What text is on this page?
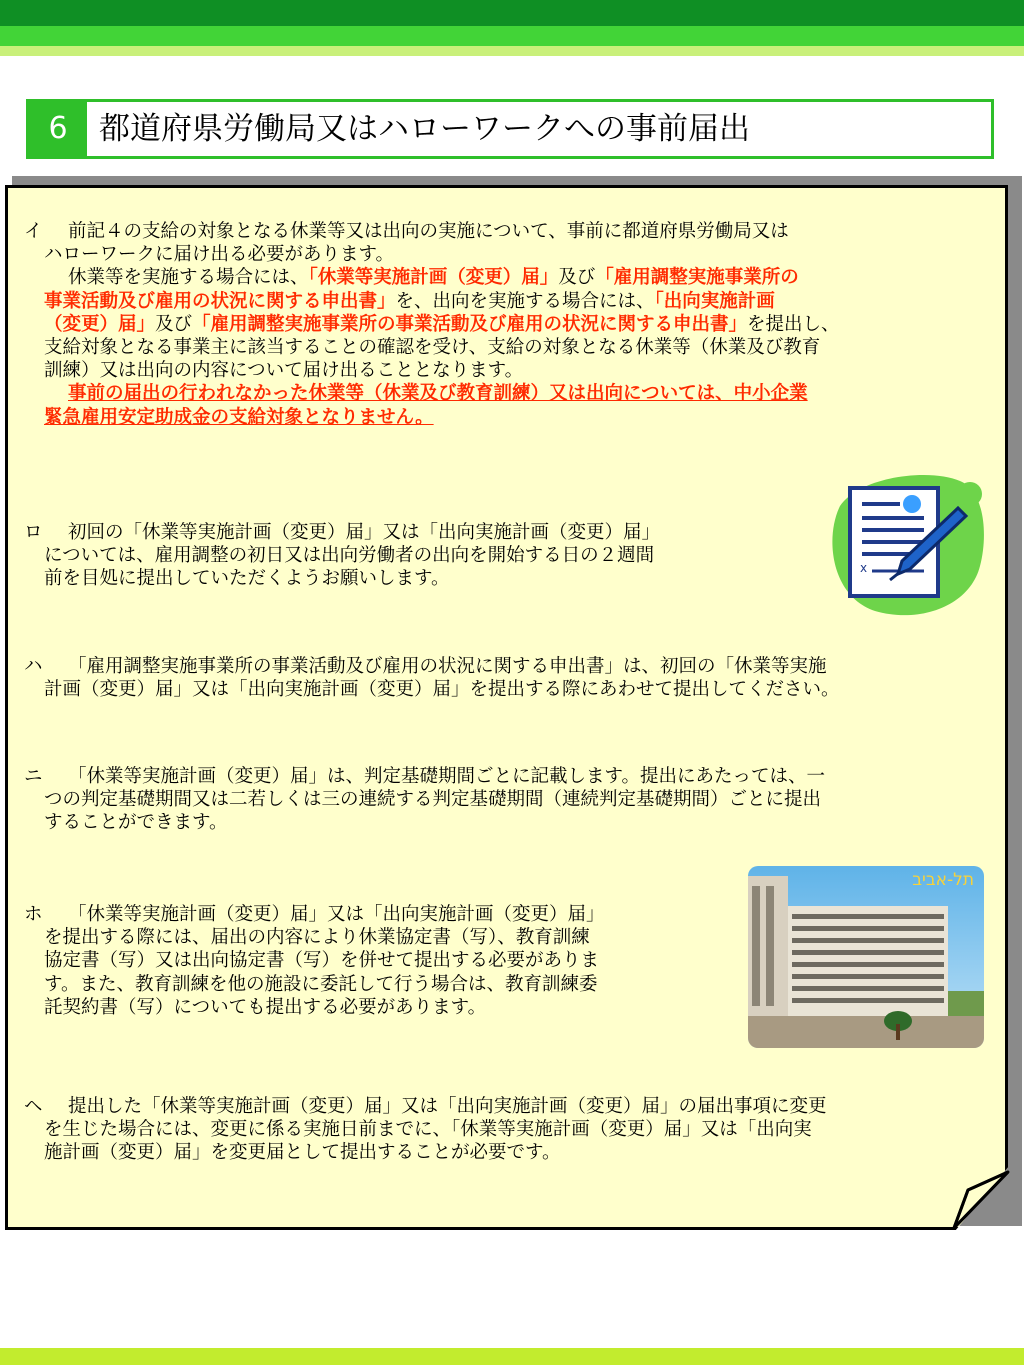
6	都道府県労働局又はハローワークへの事前届出
イ 前記４の支給の対象となる休業等又は出向の実施について、事前に都道府県労働局又は
ハローワークに届け出る必要があります。
休業等を実施する場合には、「休業等実施計画（変更）届」及び「雇用調整実施事業所の
事業活動及び雇用の状況に関する申出書」を、出向を実施する場合には、「出向実施計画
（変更）届」及び「雇用調整実施事業所の事業活動及び雇用の状況に関する申出書」を提出し、
支給対象となる事業主に該当することの確認を受け、支給の対象となる休業等（休業及び教育
訓練）又は出向の内容について届け出ることとなります。
事前の届出の行われなかった休業等（休業及び教育訓練）又は出向については、中小企業
緊急雇用安定助成金の支給対象となりません。
ロ 初回の「休業等実施計画（変更）届」又は「出向実施計画（変更）届」
については、雇用調整の初日又は出向労働者の出向を開始する日の２週間
前を目処に提出していただくようお願いします。
x
ハ 「雇用調整実施事業所の事業活動及び雇用の状況に関する申出書」は、初回の「休業等実施
計画（変更）届」又は「出向実施計画（変更）届」を提出する際にあわせて提出してください。
ニ 「休業等実施計画（変更）届」は、判定基礎期間ごとに記載します。提出にあたっては、一
つの判定基礎期間又は二若しくは三の連続する判定基礎期間（連続判定基礎期間）ごとに提出
することができます。
ホ 「休業等実施計画（変更）届」又は「出向実施計画（変更）届」
を提出する際には、届出の内容により休業協定書（写）、教育訓練
協定書（写）又は出向協定書（写）を併せて提出する必要がありま
す。また、教育訓練を他の施設に委託して行う場合は、教育訓練委
託契約書（写）についても提出する必要があります。
תל-אביב
ヘ 提出した「休業等実施計画（変更）届」又は「出向実施計画（変更）届」の届出事項に変更
を生じた場合には、変更に係る実施日前までに、「休業等実施計画（変更）届」又は「出向実
施計画（変更）届」を変更届として提出することが必要です。
